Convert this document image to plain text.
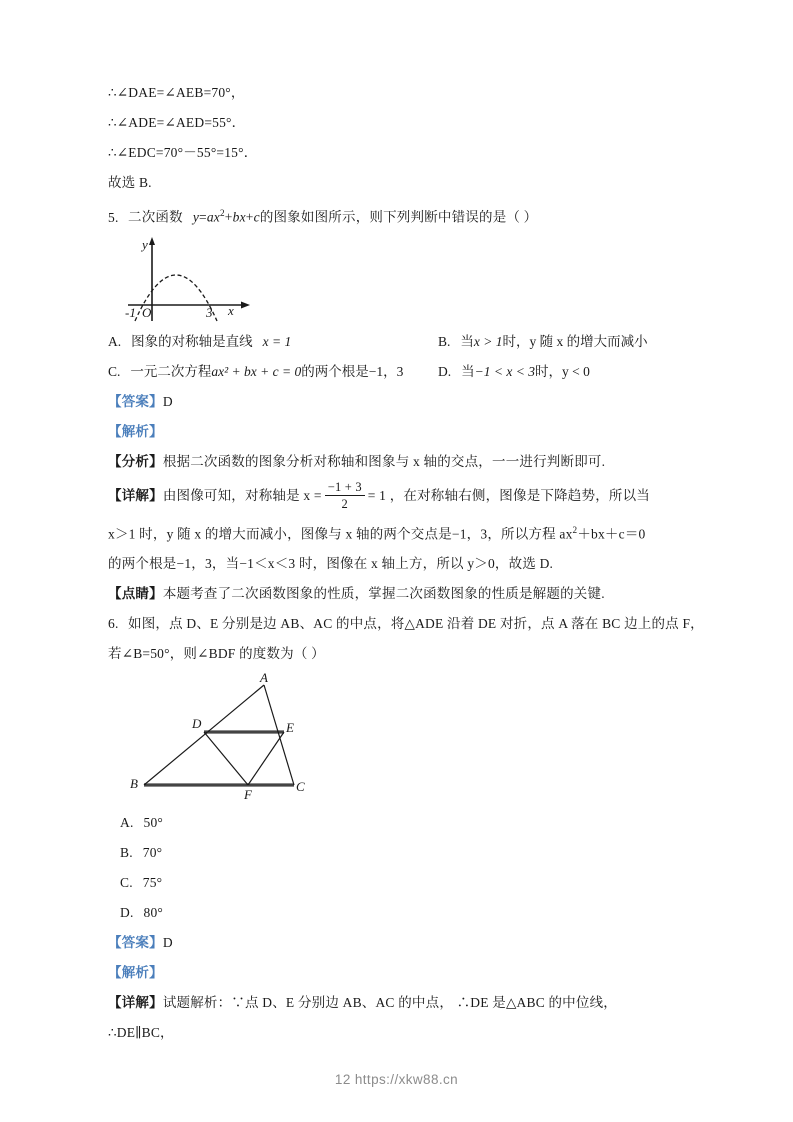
∴∠DAE=∠AEB=70°，
∴∠ADE=∠AED=55°．
∴∠EDC=70°－55°=15°．
故选 B.
5. 二次函数 $y=ax^2+bx+c$的图象如图所示，则下列判断中错误的是（ ）
x
y
-1 O	3
A. 图象的对称轴是直线 x = 1	B. 当x > 1时，y 随 x 的增大而减小
C. 一元二次方程ax² + bx + c = 0的两个根是−1，3	D. 当−1 < x < 3时，y < 0
【答案】D
【解析】
【分析】根据二次函数的图象分析对称轴和图象与 x 轴的交点，一一进行判断即可.
【详解】由图像可知，对称轴是 $x = \frac{-1 + 3}{2} = 1$ ，在对称轴右侧，图像是下降趋势，所以当
x＞1 时，y 随 x 的增大而减小，图像与 x 轴的两个交点是−1，3，所以方程 $ax^2+bx+c=0$
的两个根是−1，3，当−1＜x＜3 时，图像在 x 轴上方，所以 y＞0，故选 D.
【点睛】本题考查了二次函数图象的性质，掌握二次函数图象的性质是解题的关键.
6. 如图，点 D、E 分别是边 AB、AC 的中点，将△ADE 沿着 DE 对折，点 A 落在 BC 边上的点 F，
若∠B=50°，则∠BDF 的度数为（ ）
A
B	C
D	E
F
A. 50°
B. 70°
C. 75°
D. 80°
【答案】D
【解析】
【详解】试题解析：∵点 D、E 分别边 AB、AC 的中点， ∴DE 是△ABC 的中位线，
∴DE∥BC，
12 https://xkw88.cn
